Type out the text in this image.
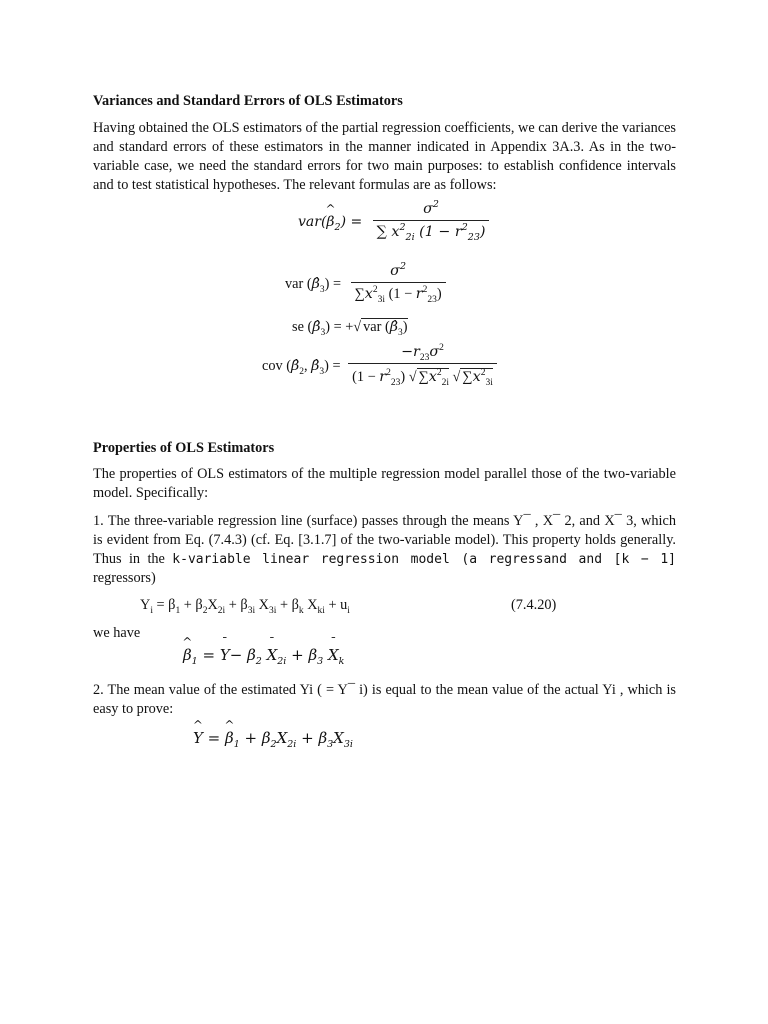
Variances and Standard Errors of OLS Estimators
Having obtained the OLS estimators of the partial regression coefficients, we can derive the variances and standard errors of these estimators in the manner indicated in Appendix 3A.3. As in the two-variable case, we need the standard errors for two main purposes: to establish confidence intervals and to test statistical hypotheses. The relevant formulas are as follows:
var(
^
$\beta_2) = \frac{\sigma^2}{\sum x^2_{2i} (1 - r^2_{23})}$
var $(\betâ_3) = \frac{\sigma^2}{\sum x^2_{3i} (1 - r^2_{23})}$
se $(\betâ_3)$ = +√ var $(\betâ_3)$
cov ($\betâ_2$, $\betâ_3) = \frac{-r_{23}\sigma^2}{(1 - r^2_{23}) √ \sum x^2_{2i} √ \sum x^2_{3i}}$
Properties of OLS Estimators
The properties of OLS estimators of the multiple regression model parallel those of the two-variable model. Specifically:
1. The three-variable regression line (surface) passes through the means Y¯ , X¯ 2, and X¯ 3, which is evident from Eq. (7.4.3) (cf. Eq. [3.1.7] of the two-variable model). This property holds generally. Thus in the k-variable linear regression model (a regressand and [k − 1] regressors)
$Y_i = \beta_1 + \beta_2X_{2i} + \beta_{3i}$ $X_{3i} + \beta_k$ $X_{ki} + u_i$	(7.4.20)
we have
^
$\beta_1$ =
¯
$Y- \beta_2$
¯
$X_{2i} + \beta_3$
¯
$X_k$
2. The mean value of the estimated Yi ( = Y¯ i) is equal to the mean value of the actual Yi , which is easy to prove:
^
Y =
^
$\beta_1 + \beta_2X_{2i} + \beta_3X_{3i}$
